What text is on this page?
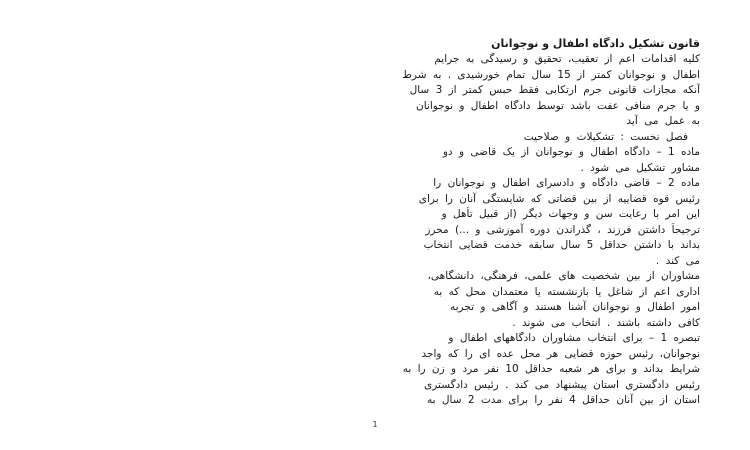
قانون تشکیل دادگاه اطفال و نوجوانان
کلیه اقدامات اعم از تعقیب، تحقیق و رسیدگی به جرایم
اطفال و نوجوانان کمتر از 15 سال تمام خورشیدی . به شرط
آنکه مجازات قانونی جرم ارتکابی فقط حبس کمتر از 3 سال
و یا جرم منافی عفت باشد توسط دادگاه اطفال و نوجوانان
به عمل می آید
فصل نخست : تشکیلات و صلاحیت
ماده 1 – دادگاه اطفال و نوجوانان از یک قاضی و دو
مشاور تشکیل می شود .
ماده 2 – قاضی دادگاه و دادسرای اطفال و نوجوانان را
رئیس قوه قضاییه از بین قضاتی که شایستگی آنان را برای
این امر با رعایت سن و وجهات دیگر (از قبیل تأهل و
ترجیحاً داشتن فرزند ، گذراندن دوره آموزشی و ...) محرز
بداند با داشتن حداقل 5 سال سابقه خدمت قضایی انتخاب
می کند .
مشاوران از بین شخصیت های علمی، فرهنگی، دانشگاهی،
اداری اعم از شاغل یا بازنشسته یا معتمدان محل که به
امور اطفال و نوجوانان آشنا هستند و آگاهی و تجربه
کافی داشته باشند . انتخاب می شوند .
تبصره 1 – برای انتخاب مشاوران دادگاههای اطفال و
نوجوانان، رئیس حوزه قضایی هر محل عده ای را که واجد
شرایط بداند و برای هر شعبه حداقل 10 نفر مرد و زن را به
رئیس دادگستری استان پیشنهاد می کند . رئیس دادگستری
استان از بین آنان حداقل 4 نفر را برای مدت 2 سال به
1
